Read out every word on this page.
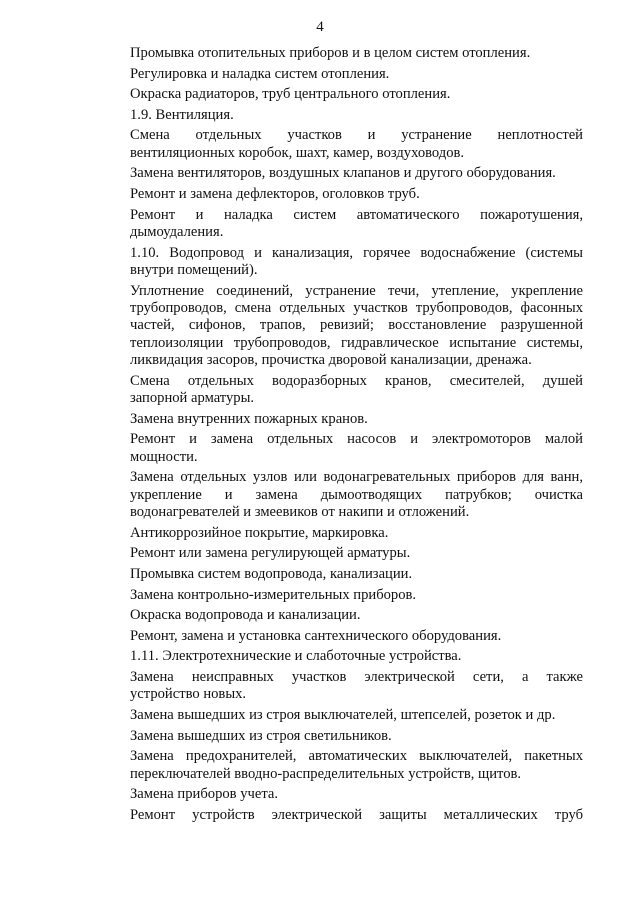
4
Промывка отопительных приборов и в целом систем отопления.
Регулировка и наладка систем отопления.
Окраска радиаторов, труб центрального отопления.
1.9. Вентиляция.
Смена отдельных участков и устранение неплотностей
вентиляционных коробок, шахт, камер, воздуховодов.
Замена вентиляторов, воздушных клапанов и другого оборудования.
Ремонт и замена дефлекторов, оголовков труб.
Ремонт и наладка систем автоматического пожаротушения,
дымоудаления.
1.10. Водопровод и канализация, горячее водоснабжение (системы
внутри помещений).
Уплотнение соединений, устранение течи, утепление, укрепление
трубопроводов, смена отдельных участков трубопроводов, фасонных
частей, сифонов, трапов, ревизий; восстановление разрушенной
теплоизоляции трубопроводов, гидравлическое испытание системы,
ликвидация засоров, прочистка дворовой канализации, дренажа.
Смена отдельных водоразборных кранов, смесителей, душей
запорной арматуры.
Замена внутренних пожарных кранов.
Ремонт и замена отдельных насосов и электромоторов малой
мощности.
Замена отдельных узлов или водонагревательных приборов для ванн,
укрепление и замена дымоотводящих патрубков; очистка
водонагревателей и змеевиков от накипи и отложений.
Антикоррозийное покрытие, маркировка.
Ремонт или замена регулирующей арматуры.
Промывка систем водопровода, канализации.
Замена контрольно-измерительных приборов.
Окраска водопровода и канализации.
Ремонт, замена и установка сантехнического оборудования.
1.11. Электротехнические и слаботочные устройства.
Замена неисправных участков электрической сети, а также
устройство новых.
Замена вышедших из строя выключателей, штепселей, розеток и др.
Замена вышедших из строя светильников.
Замена предохранителей, автоматических выключателей, пакетных
переключателей вводно-распределительных устройств, щитов.
Замена приборов учета.
Ремонт устройств электрической защиты металлических труб
